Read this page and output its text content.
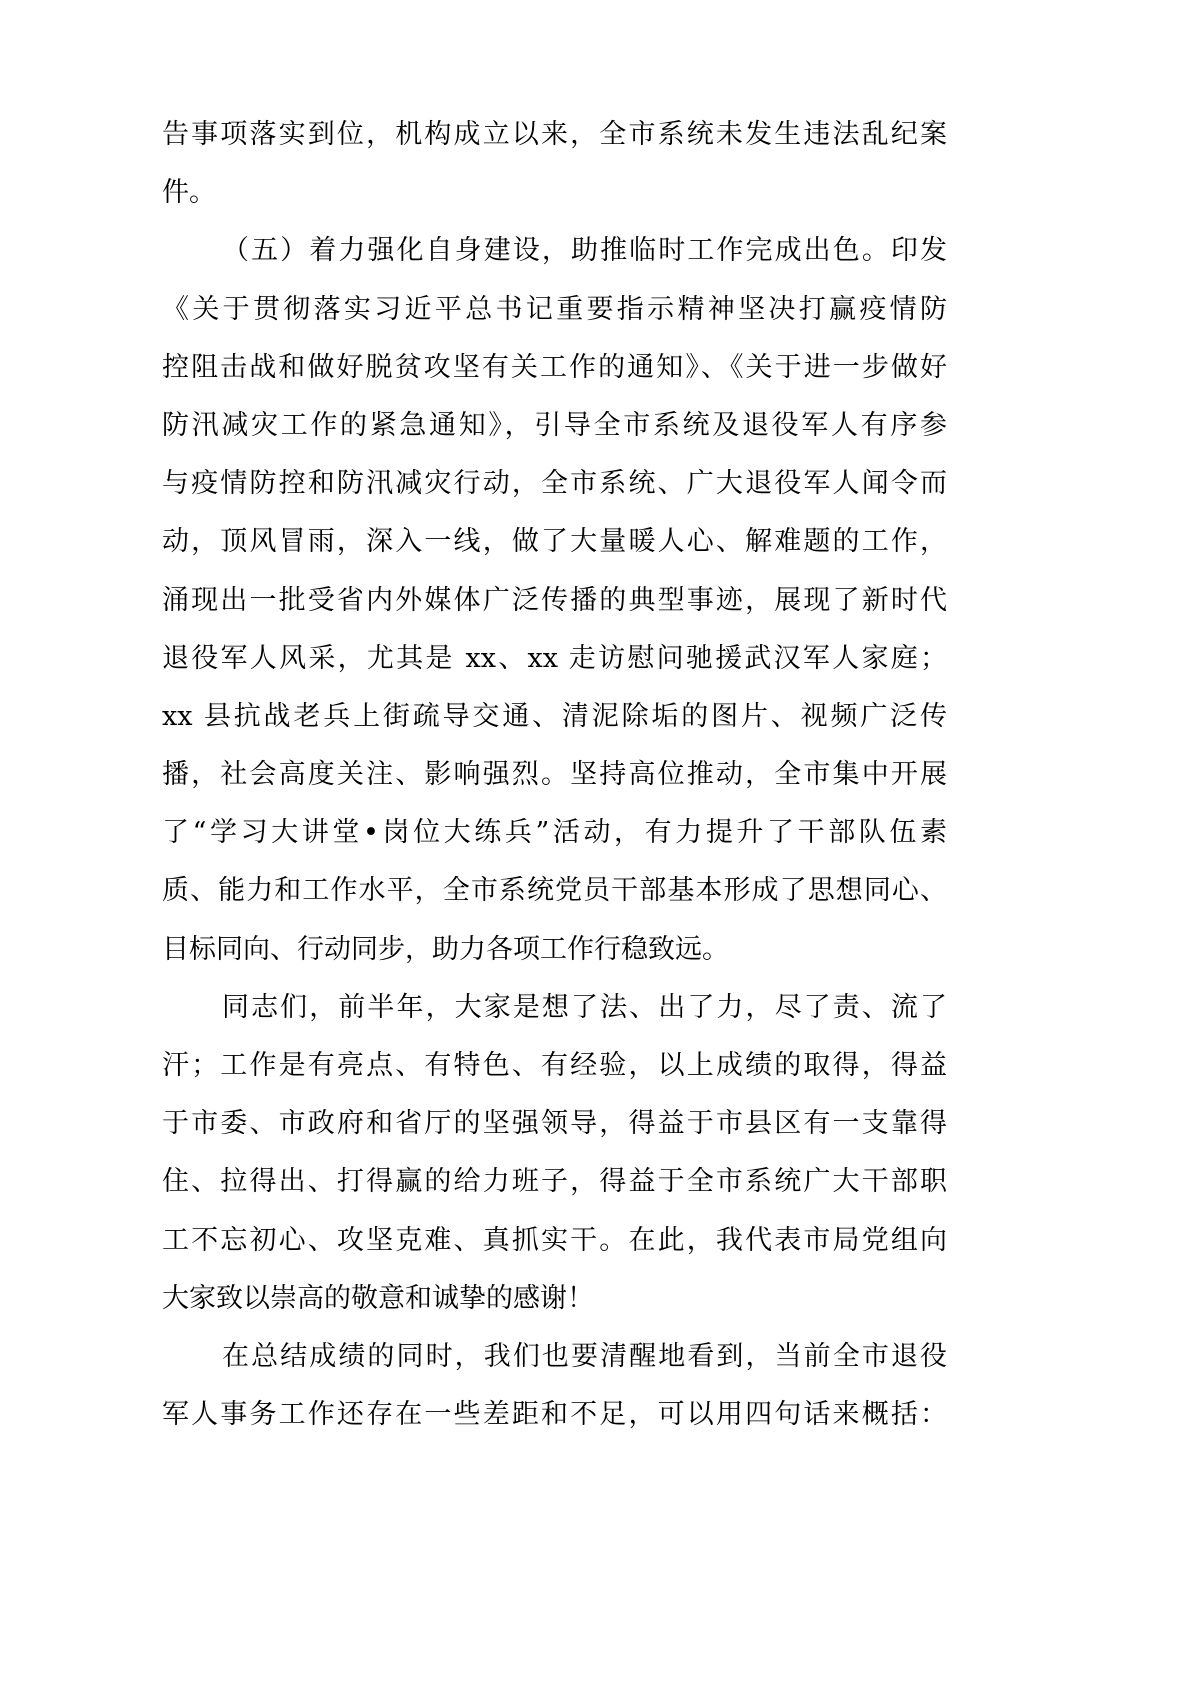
告事项落实到位，机构成立以来，全市系统未发生违法乱纪案
件。
（五）着力强化自身建设，助推临时工作完成出色。印发
《关于贯彻落实习近平总书记重要指示精神坚决打赢疫情防
控阻击战和做好脱贫攻坚有关工作的通知》、《关于进一步做好
防汛减灾工作的紧急通知》，引导全市系统及退役军人有序参
与疫情防控和防汛减灾行动，全市系统、广大退役军人闻令而
动，顶风冒雨，深入一线，做了大量暖人心、解难题的工作，
涌现出一批受省内外媒体广泛传播的典型事迹，展现了新时代
退役军人风采，尤其是 xx、xx 走访慰问驰援武汉军人家庭；
xx 县抗战老兵上街疏导交通、清泥除垢的图片、视频广泛传
播，社会高度关注、影响强烈。坚持高位推动，全市集中开展
了“学习大讲堂•岗位大练兵”活动，有力提升了干部队伍素
质、能力和工作水平，全市系统党员干部基本形成了思想同心、
目标同向、行动同步，助力各项工作行稳致远。
同志们，前半年，大家是想了法、出了力，尽了责、流了
汗；工作是有亮点、有特色、有经验，以上成绩的取得，得益
于市委、市政府和省厅的坚强领导，得益于市县区有一支靠得
住、拉得出、打得赢的给力班子，得益于全市系统广大干部职
工不忘初心、攻坚克难、真抓实干。在此，我代表市局党组向
大家致以崇高的敬意和诚挚的感谢！
在总结成绩的同时，我们也要清醒地看到，当前全市退役
军人事务工作还存在一些差距和不足，可以用四句话来概括：
